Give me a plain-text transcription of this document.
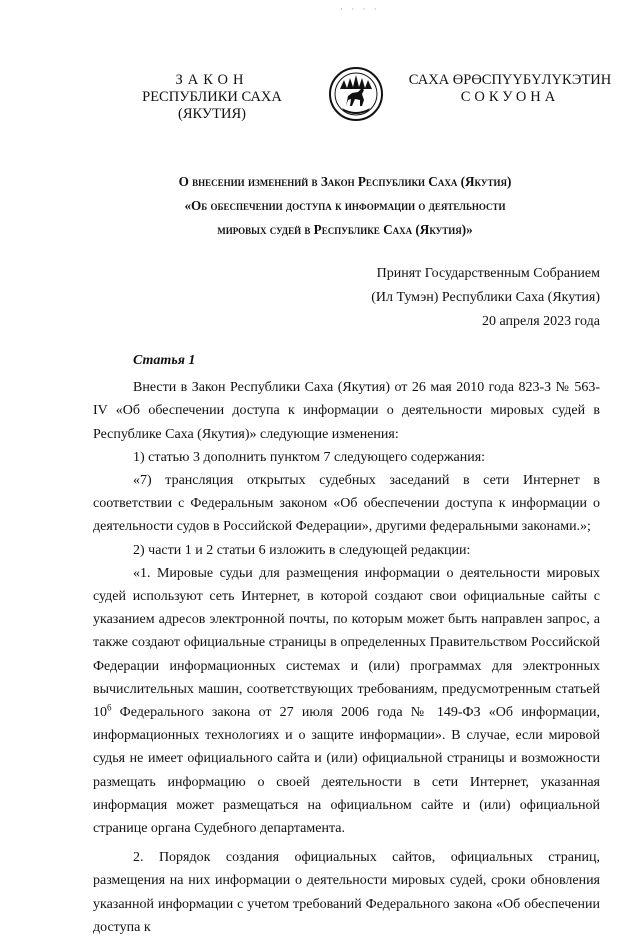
· · · ·
ЗАКОН
РЕСПУБЛИКИ САХА (ЯКУТИЯ)
САХА ӨРӨСПҮҮБҮЛҮКЭТИН
СОКУОНА
О внесении изменений в Закон Республики Саха (Якутия)
«Об обеспечении доступа к информации о деятельности
мировых судей в Республике Саха (Якутия)»
Принят Государственным Собранием
(Ил Тумэн) Республики Саха (Якутия)
20 апреля 2023 года

Статья 1

Внести в Закон Республики Саха (Якутия) от 26 мая 2010 года 823-З № 563-IV «Об обеспечении доступа к информации о деятельности мировых судей в Республике Саха (Якутия)» следующие изменения:

1) статью 3 дополнить пунктом 7 следующего содержания:

«7) трансляция открытых судебных заседаний в сети Интернет в соответствии с Федеральным законом «Об обеспечении доступа к информации о деятельности судов в Российской Федерации», другими федеральными законами.»;

2) части 1 и 2 статьи 6 изложить в следующей редакции:

«1. Мировые судьи для размещения информации о деятельности мировых судей используют сеть Интернет, в которой создают свои официальные сайты с указанием адресов электронной почты, по которым может быть направлен запрос, а также создают официальные страницы в определенных Правительством Российской Федерации информационных системах и (или) программах для электронных вычислительных машин, соответствующих требованиям, предусмотренным статьей $10^6$ Федерального закона от 27 июля 2006 года № 149-ФЗ «Об информации, информационных технологиях и о защите информации». В случае, если мировой судья не имеет официального сайта и (или) официальной страницы и возможности размещать информацию о своей деятельности в сети Интернет, указанная информация может размещаться на официальном сайте и (или) официальной странице органа Судебного департамента.

2. Порядок создания официальных сайтов, официальных страниц, размещения на них информации о деятельности мировых судей, сроки обновления указанной информации с учетом требований Федерального закона «Об обеспечении доступа к
